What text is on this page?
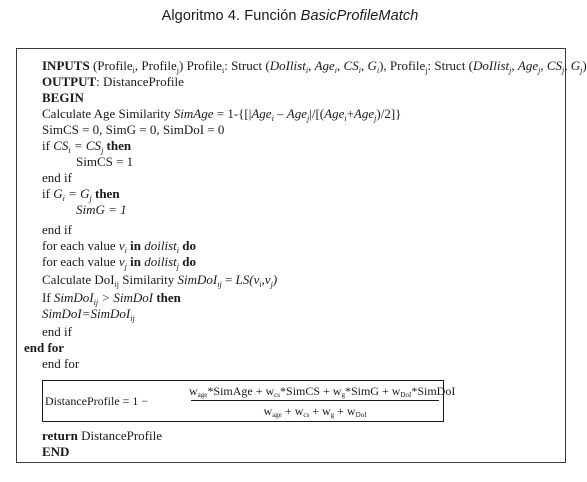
Algoritmo 4. Función BasicProfileMatch
INPUTS (Profile$_i$, Profile$_j$) Profile$_i$: Struct (DoIlist$_i$, Age$_i$, $CS_i$, $G_i$), Profile$_j$: Struct (DoIlist$_j$, Age$_j$, $CS_j$, $G_j$)
OUTPUT: DistanceProfile
BEGIN
Calculate Age Similarity SimAge = 1-{[|Age$_i$ – Age$_j$|/[(Age$_i$+Age$_j$)/2]}
SimCS = 0, SimG = 0, SimDoI = 0
if $CS_i = CS_j$ then
SimCS = 1
end if
if $G_i = G_j$ then
SimG = 1
end if
for each value $v_i$ in doilist$_i$ do
for each value $v_j$ in doilist$_j$ do
Calculate DoI$_{ij}$ Similarity SimDoI$_{ij}$ = $LS(v_i,v_j)$
If SimDoI$_{ij}$ > SimDoI then
SimDoI=SimDoI$_{ij}$
end if
end for
end for
DistanceProfile = 1 −
$w_{age}*SimAge$ + $w_{cs}*SimCS$ + $w_g*SimG$ + $w_{DoI}*SimDoI$
$w_{age} + w_{cs} + w_g + w_{DoI}$
return DistanceProfile
END
